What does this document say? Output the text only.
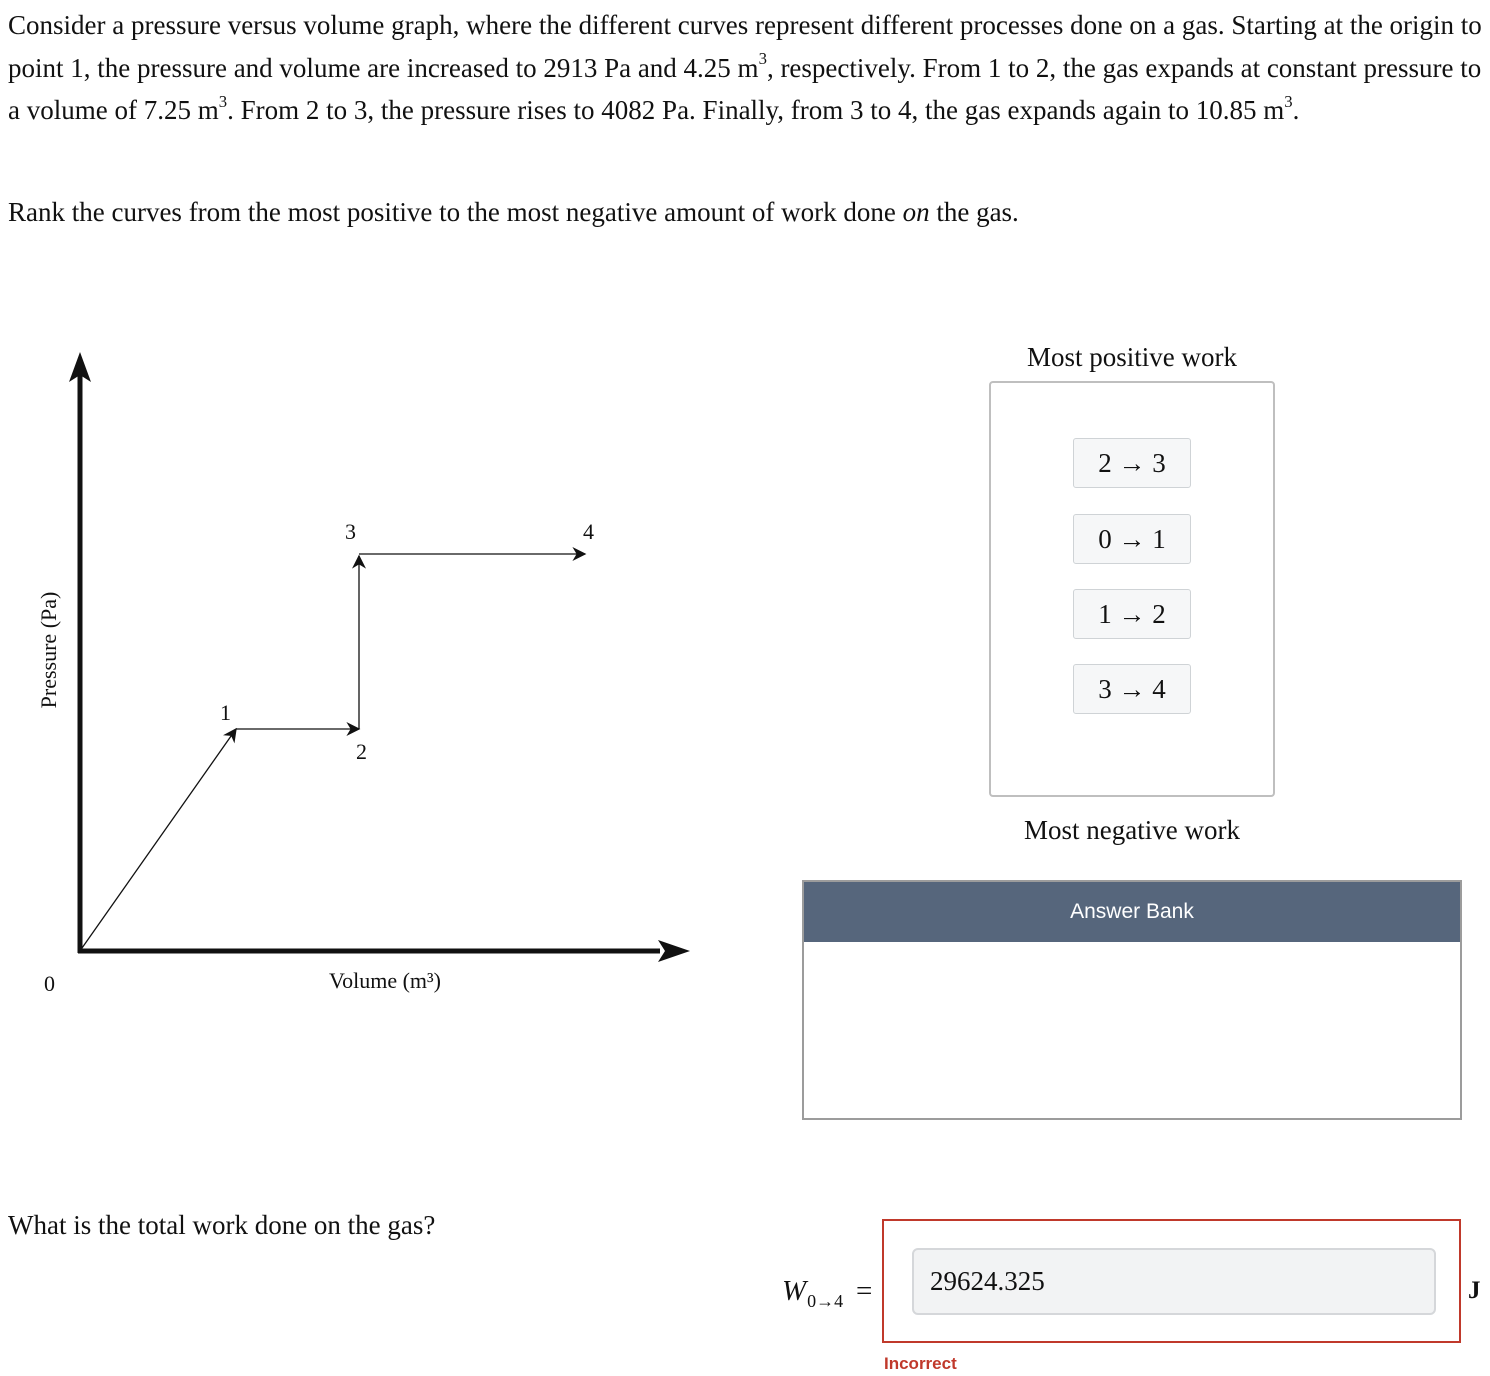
Consider a pressure versus volume graph, where the different curves represent different processes done on a gas. Starting at the origin to point 1, the pressure and volume are increased to 2913 Pa and 4.25 $m^3$, respectively. From 1 to 2, the gas expands at constant pressure to a volume of 7.25 $m^3$. From 2 to 3, the pressure rises to 4082 Pa. Finally, from 3 to 4, the gas expands again to 10.85 $m^3$.

Rank the curves from the most positive to the most negative amount of work done on the gas.

1
2
3	4
0	Volume (m³)
Pressure (Pa)

Most positive work

2 → 3
0 → 1
1 → 2
3 → 4

Most negative work

Answer Bank

What is the total work done on the gas?

W 0→4 =	29624.325	J
Incorrect
